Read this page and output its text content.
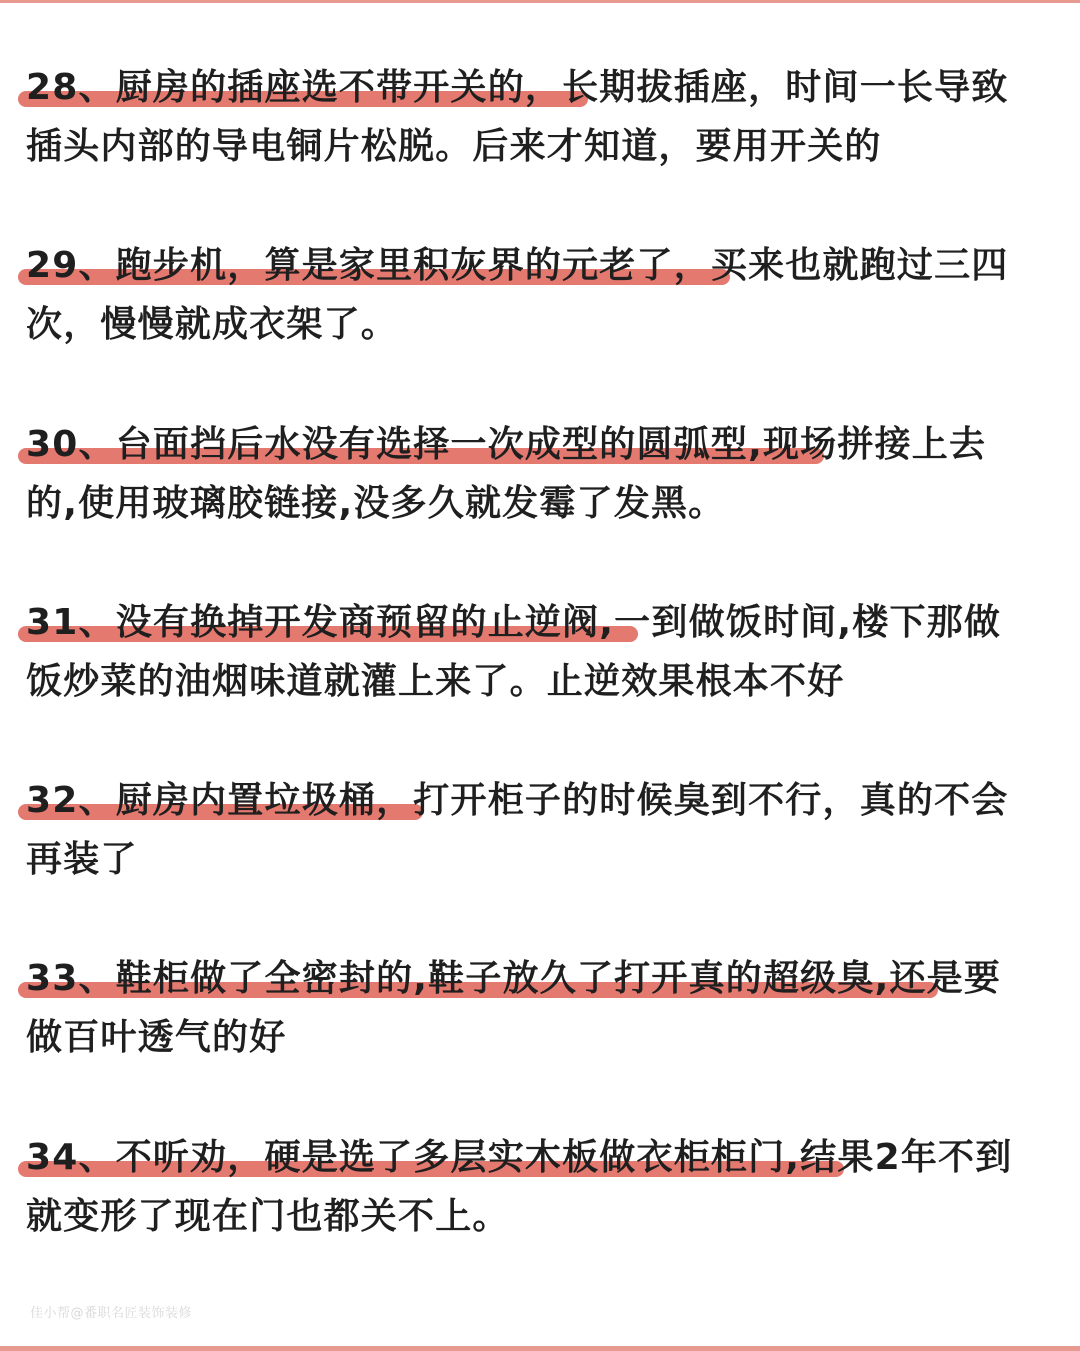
28、厨房的插座选不带开关的，长期拔插座，时间一长导致
插头内部的导电铜片松脱。后来才知道，要用开关的
29、跑步机，算是家里积灰界的元老了，买来也就跑过三四
次，慢慢就成衣架了。
30、台面挡后水没有选择一次成型的圆弧型,现场拼接上去
的,使用玻璃胶链接,没多久就发霉了发黑。
31、没有换掉开发商预留的止逆阀,一到做饭时间,楼下那做
饭炒菜的油烟味道就灌上来了。止逆效果根本不好
32、厨房内置垃圾桶，打开柜子的时候臭到不行，真的不会
再装了
33、鞋柜做了全密封的,鞋子放久了打开真的超级臭,还是要
做百叶透气的好
34、不听劝，硬是选了多层实木板做衣柜柜门,结果2年不到
就变形了现在门也都关不上。
佳小帮@番职名匠装饰装修
